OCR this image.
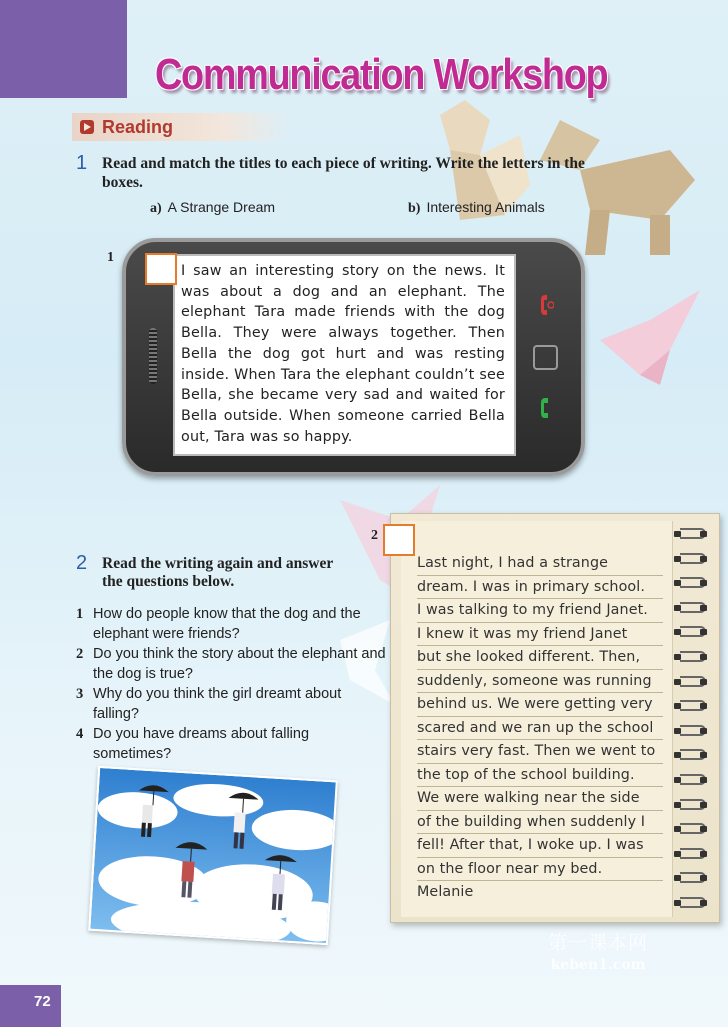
Communication Workshop
Reading
1 Read and match the titles to each piece of writing. Write the letters in the
boxes.
a) A Strange Dream	b) Interesting Animals
1
I saw an interesting story on the news. It was about a dog and an elephant. The elephant Tara made friends with the dog Bella. They were always together. Then Bella the dog got hurt and was resting inside. When Tara the elephant couldn’t see Bella, she became very sad and waited for Bella outside. When someone carried Bella out, Tara was so happy.
2 Read the writing again and answer
the questions below.
1 How do people know that the dog and the elephant were friends?
2 Do you think the story about the elephant and the dog is true?
3 Why do you think the girl dreamt about falling?
4 Do you have dreams about falling sometimes?
2
Last night, I had a strange
dream. I was in primary school.
I was talking to my friend Janet.
I knew it was my friend Janet
but she looked different. Then,
suddenly, someone was running
behind us. We were getting very
scared and we ran up the school
stairs very fast. Then we went to
the top of the school building.
We were walking near the side
of the building when suddenly I
fell! After that, I woke up. I was
on the floor near my bed.
Melanie
第一课本网
keben1.com
72
